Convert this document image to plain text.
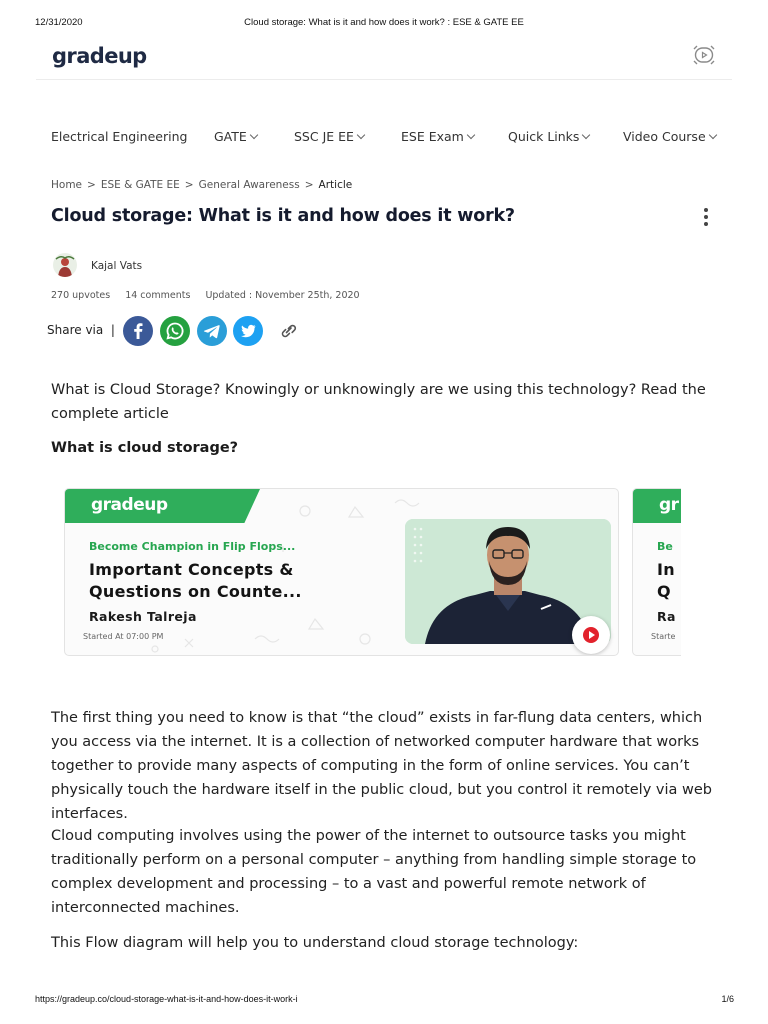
12/31/2020	Cloud storage: What is it and how does it work? : ESE & GATE EE
gradeup
Electrical Engineering GATE	SSC JE EE	ESE Exam	Quick Links	Video Course
Home > ESE & GATE EE > General Awareness > Article
Cloud storage: What is it and how does it work?
Kajal Vats
270 upvotes 14 comments Updated : November 25th, 2020
Share via |

What is Cloud Storage? Knowingly or unknowingly are we using this technology? Read the complete article

What is cloud storage?
gradeup
Become Champion in Flip Flops...
Important Concepts &
Questions on Counte...
Rakesh Talreja
Started At 07:00 PM
gr
Be
In
Q
Ra
Starte

The first thing you need to know is that “the cloud” exists in far-flung data centers, which you access via the internet. It is a collection of networked computer hardware that works together to provide many aspects of computing in the form of online services. You can’t physically touch the hardware itself in the public cloud, but you control it remotely via web interfaces.

Cloud computing involves using the power of the internet to outsource tasks you might traditionally perform on a personal computer – anything from handling simple storage to complex development and processing – to a vast and powerful remote network of interconnected machines.

This Flow diagram will help you to understand cloud storage technology:

https://gradeup.co/cloud-storage-what-is-it-and-how-does-it-work-i	1/6
